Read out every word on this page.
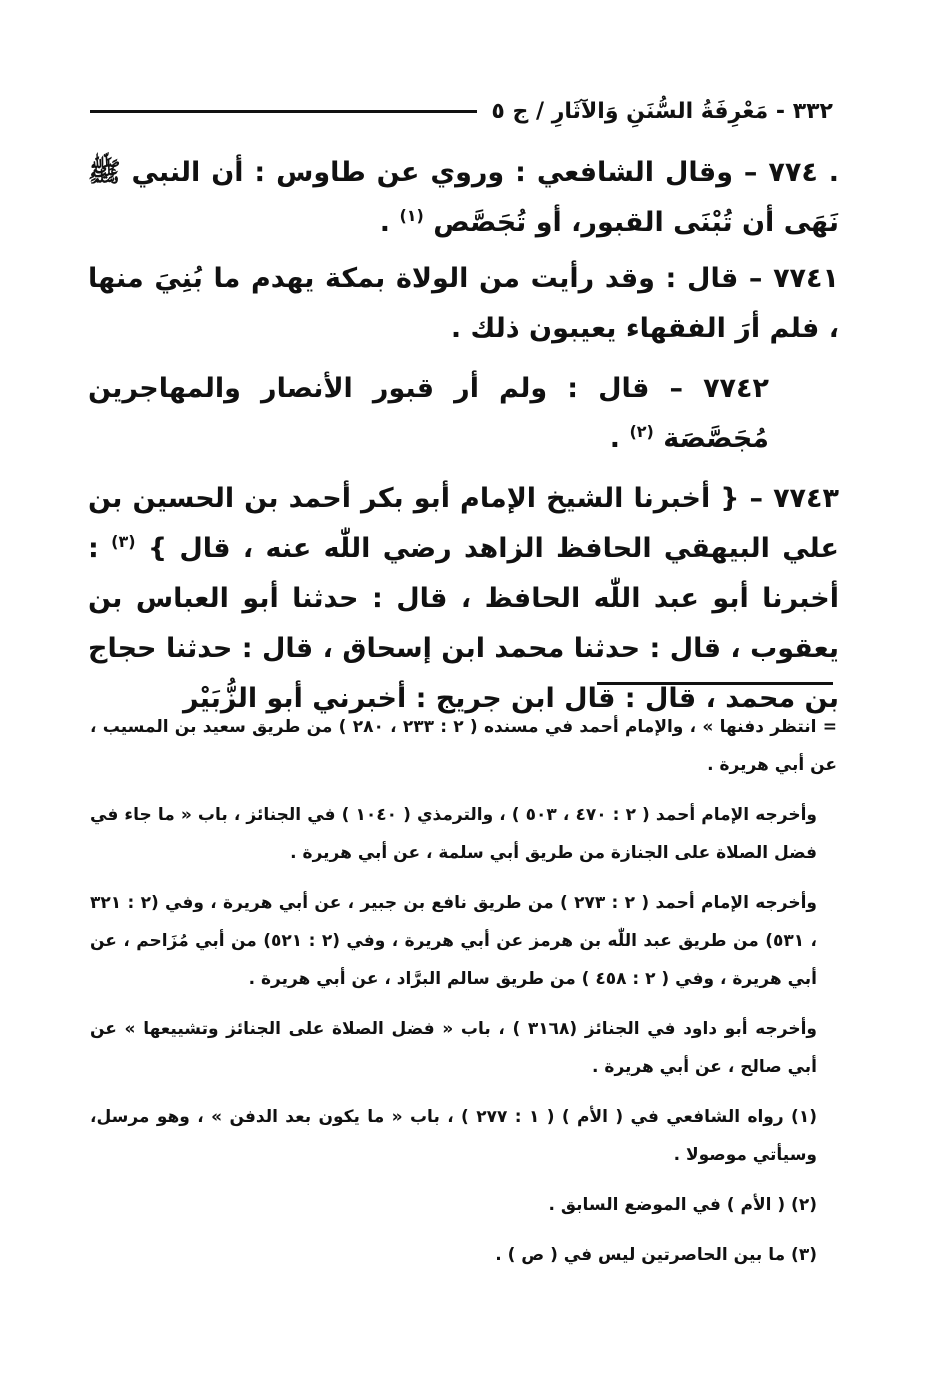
٣٣٢ - مَعْرِفَةُ السُّنَنِ وَالآثَارِ / ج ٥

. ٧٧٤ – وقال الشافعي : وروي عن طاوس : أن النبي ﷺ نَهَى أن تُبْنَى القبور، أو تُجَصَّص $^{(١)}$ .

٧٧٤١ – قال : وقد رأيت من الولاة بمكة يهدم ما بُنِيَ منها ، فلم أرَ الفقهاء يعيبون ذلك .

٧٧٤٢ – قال : ولم أر قبور الأنصار والمهاجرين مُجَصَّصَة $^{(٢)}$ .

٧٧٤٣ – { أخبرنا الشيخ الإمام أبو بكر أحمد بن الحسين بن علي البيهقي الحافظ الزاهد رضي اللّٰه عنه ، قال } $^{(٣)}$ : أخبرنا أبو عبد اللّٰه الحافظ ، قال : حدثنا أبو العباس بن يعقوب ، قال : حدثنا محمد ابن إسحاق ، قال : حدثنا حجاج بن محمد ، قال : قال ابن جريج : أخبرني أبو الزُّبَيْر

= انتظر دفنها » ، والإمام أحمد في مسنده ( ٢ : ٢٣٣ ، ٢٨٠ ) من طريق سعيد بن المسيب ، عن أبي هريرة .

وأخرجه الإمام أحمد ( ٢ : ٤٧٠ ، ٥٠٣ ) ، والترمذي ( ١٠٤٠ ) في الجنائز ، باب « ما جاء في فضل الصلاة على الجنازة من طريق أبي سلمة ، عن أبي هريرة .

وأخرجه الإمام أحمد ( ٢ : ٢٧٣ ) من طريق نافع بن جبير ، عن أبي هريرة ، وفي (٢ : ٣٢١ ، ٥٣١) من طريق عبد اللّٰه بن هرمز عن أبي هريرة ، وفي (٢ : ٥٢١) من أبي مُزَاحم ، عن أبي هريرة ، وفي ( ٢ : ٤٥٨ ) من طريق سالم البرَّاد ، عن أبي هريرة .

وأخرجه أبو داود في الجنائز (٣١٦٨ ) ، باب « فضل الصلاة على الجنائز وتشييعها » عن أبي صالح ، عن أبي هريرة .

(١) رواه الشافعي في ( الأم ) ( ١ : ٢٧٧ ) ، باب « ما يكون بعد الدفن » ، وهو مرسل، وسيأتي موصولا .

(٢) ( الأم ) في الموضع السابق .

(٣) ما بين الحاصرتين ليس في ( ص ) .
